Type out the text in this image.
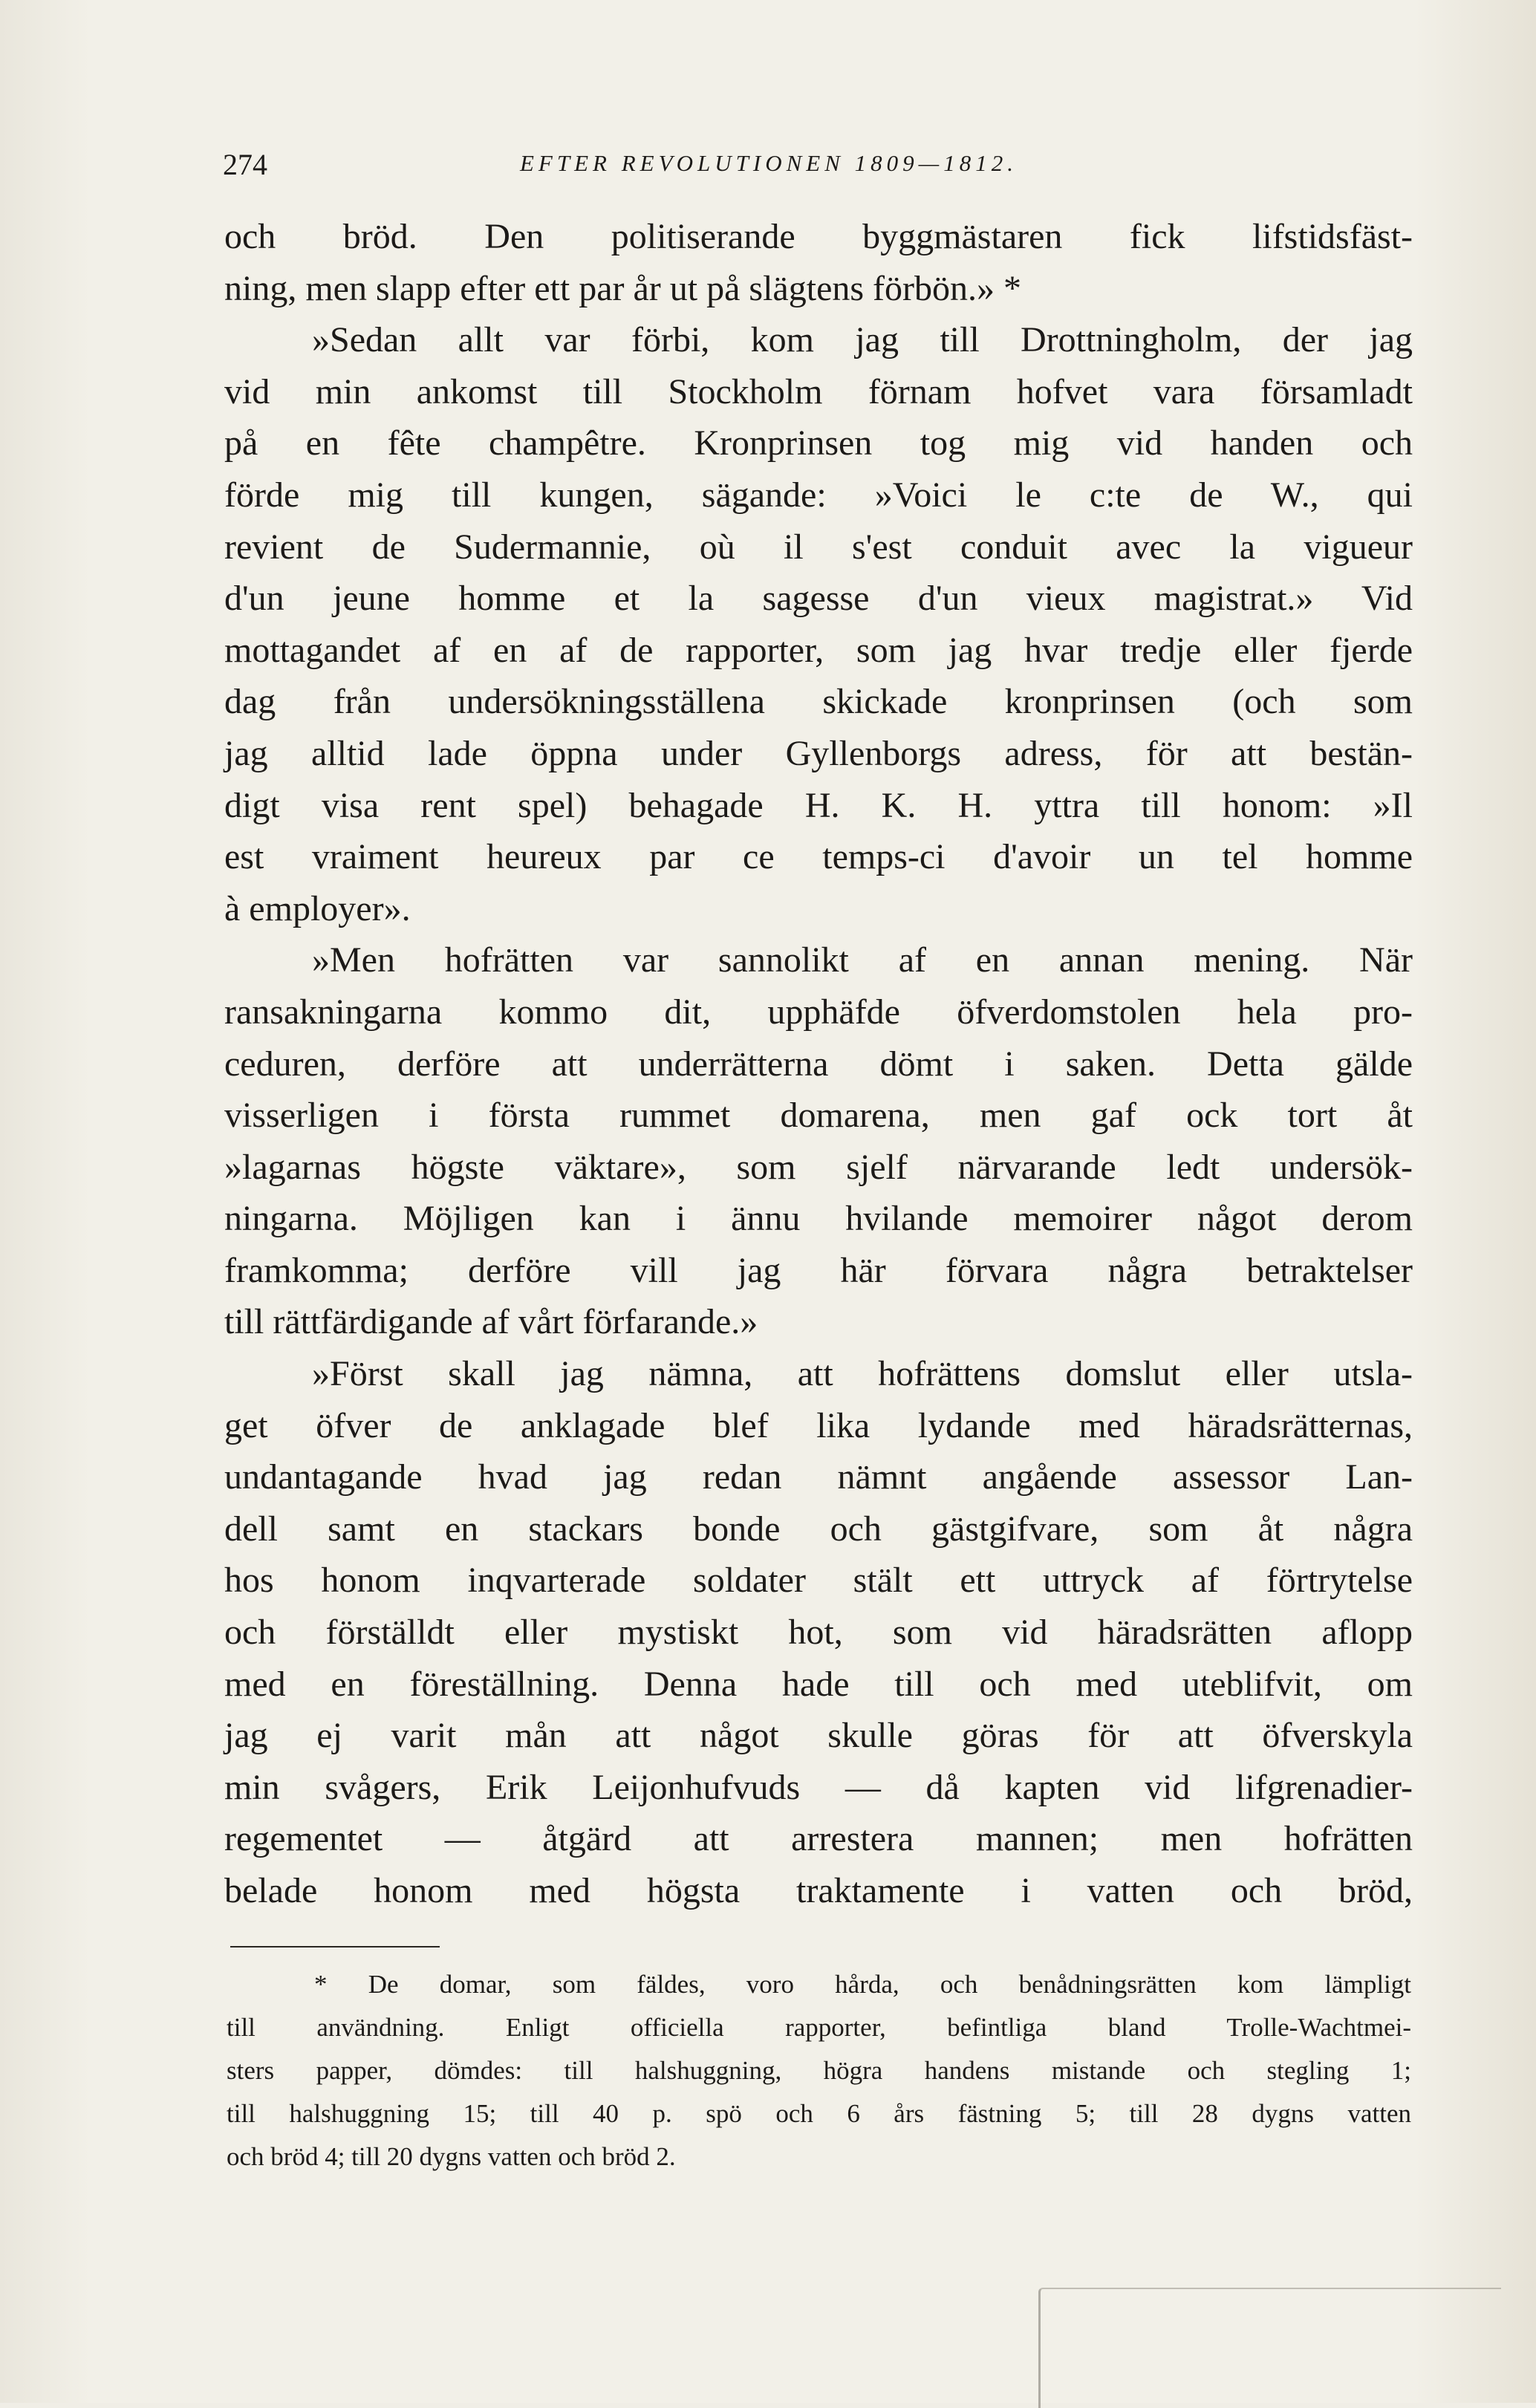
274	EFTER REVOLUTIONEN 1809—1812.
och bröd. Den politiserande byggmästaren fick lifstidsfäst-
ning, men slapp efter ett par år ut på slägtens förbön.» *
»Sedan allt var förbi, kom jag till Drottningholm, der jag
vid min ankomst till Stockholm förnam hofvet vara församladt
på en fête champêtre. Kronprinsen tog mig vid handen och
förde mig till kungen, sägande: »Voici le c:te de W., qui
revient de Sudermannie, où il s'est conduit avec la vigueur
d'un jeune homme et la sagesse d'un vieux magistrat.» Vid
mottagandet af en af de rapporter, som jag hvar tredje eller fjerde
dag från undersökningsställena skickade kronprinsen (och som
jag alltid lade öppna under Gyllenborgs adress, för att bestän-
digt visa rent spel) behagade H. K. H. yttra till honom: »Il
est vraiment heureux par ce temps-ci d'avoir un tel homme
à employer».
»Men hofrätten var sannolikt af en annan mening. När
ransakningarna kommo dit, upphäfde öfverdomstolen hela pro-
ceduren, derföre att underrätterna dömt i saken. Detta gälde
visserligen i första rummet domarena, men gaf ock tort åt
»lagarnas högste väktare», som sjelf närvarande ledt undersök-
ningarna. Möjligen kan i ännu hvilande memoirer något derom
framkomma; derföre vill jag här förvara några betraktelser
till rättfärdigande af vårt förfarande.»
»Först skall jag nämna, att hofrättens domslut eller utsla-
get öfver de anklagade blef lika lydande med häradsrätternas,
undantagande hvad jag redan nämnt angående assessor Lan-
dell samt en stackars bonde och gästgifvare, som åt några
hos honom inqvarterade soldater stält ett uttryck af förtrytelse
och förställdt eller mystiskt hot, som vid häradsrätten aflopp
med en föreställning. Denna hade till och med uteblifvit, om
jag ej varit mån att något skulle göras för att öfverskyla
min svågers, Erik Leijonhufvuds — då kapten vid lifgrenadier-
regementet — åtgärd att arrestera mannen; men hofrätten
belade honom med högsta traktamente i vatten och bröd,
* De domar, som fäldes, voro hårda, och benådningsrätten kom lämpligt
till användning. Enligt officiella rapporter, befintliga bland Trolle-Wachtmei-
sters papper, dömdes: till halshuggning, högra handens mistande och stegling 1;
till halshuggning 15; till 40 p. spö och 6 års fästning 5; till 28 dygns vatten
och bröd 4; till 20 dygns vatten och bröd 2.
